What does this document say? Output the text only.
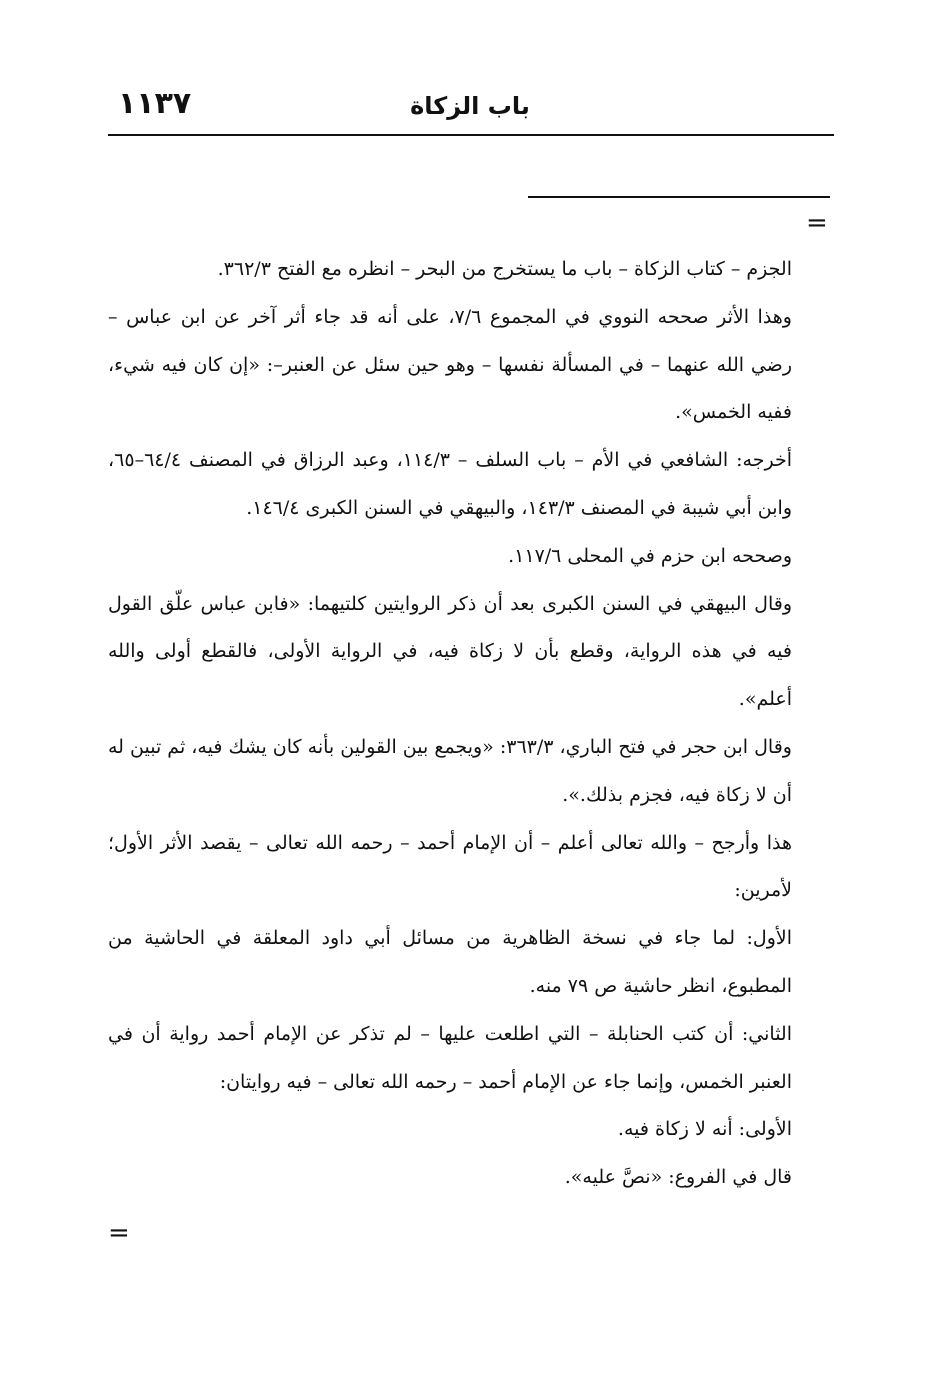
باب الزكاة
١١٣٧
=

الجزم – كتاب الزكاة – باب ما يستخرج من البحر – انظره مع الفتح ٣٦٢/٣.

وهذا الأثر صححه النووي في المجموع ٧/٦، على أنه قد جاء أثر آخر عن ابن عباس – رضي الله عنهما – في المسألة نفسها – وهو حين سئل عن العنبر–: «إن كان فيه شيء، ففيه الخمس».

أخرجه: الشافعي في الأم – باب السلف – ١١٤/٣، وعبد الرزاق في المصنف ٦٤/٤–٦٥، وابن أبي شيبة في المصنف ١٤٣/٣، والبيهقي في السنن الكبرى ١٤٦/٤.

وصححه ابن حزم في المحلى ١١٧/٦.

وقال البيهقي في السنن الكبرى بعد أن ذكر الروايتين كلتيهما: «فابن عباس علّق القول فيه في هذه الرواية، وقطع بأن لا زكاة فيه، في الرواية الأولى، فالقطع أولى والله أعلم».

وقال ابن حجر في فتح الباري، ٣٦٣/٣: «ويجمع بين القولين بأنه كان يشك فيه، ثم تبين له أن لا زكاة فيه، فجزم بذلك.».

هذا وأرجح – والله تعالى أعلم – أن الإمام أحمد – رحمه الله تعالى – يقصد الأثر الأول؛ لأمرين:

الأول: لما جاء في نسخة الظاهرية من مسائل أبي داود المعلقة في الحاشية من المطبوع، انظر حاشية ص ٧٩ منه.

الثاني: أن كتب الحنابلة – التي اطلعت عليها – لم تذكر عن الإمام أحمد رواية أن في العنبر الخمس، وإنما جاء عن الإمام أحمد – رحمه الله تعالى – فيه روايتان:

الأولى: أنه لا زكاة فيه.

قال في الفروع: «نصَّ عليه».

=
